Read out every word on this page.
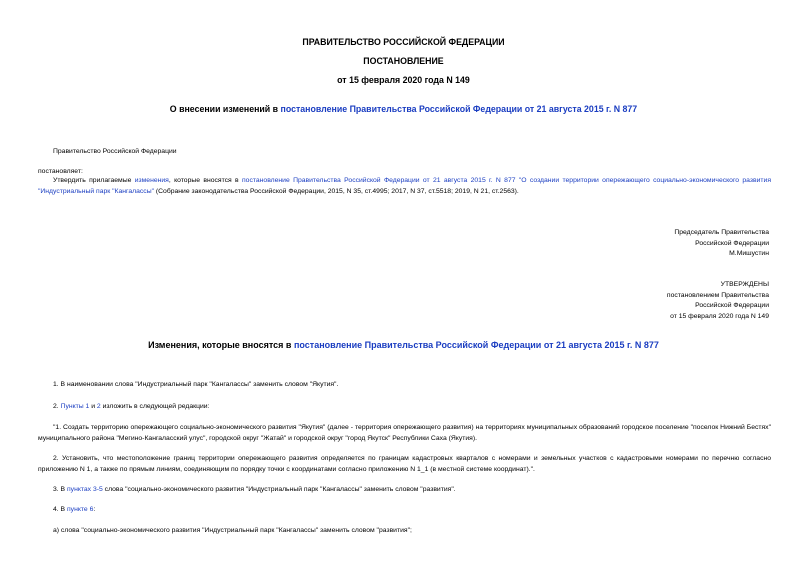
ПРАВИТЕЛЬСТВО РОССИЙСКОЙ ФЕДЕРАЦИИ
ПОСТАНОВЛЕНИЕ
от 15 февраля 2020 года N 149
О внесении изменений в постановление Правительства Российской Федерации от 21 августа 2015 г. N 877
Правительство Российской Федерации
постановляет:
Утвердить прилагаемые изменения, которые вносятся в постановление Правительства Российской Федерации от 21 августа 2015 г. N 877 "О создании территории опережающего социально-экономического развития "Индустриальный парк "Кангаласcы" (Собрание законодательства Российской Федерации, 2015, N 35, ст.4995; 2017, N 37, ст.5518; 2019, N 21, ст.2563).
Председатель Правительства
Российской Федерации
М.Мишустин
УТВЕРЖДЕНЫ
постановлением Правительства
Российской Федерации
от 15 февраля 2020 года N 149
Изменения, которые вносятся в постановление Правительства Российской Федерации от 21 августа 2015 г. N 877
1. В наименовании слова "Индустриальный парк "Кангаласcы" заменить словом "Якутия".
2. Пункты 1 и 2 изложить в следующей редакции:
"1. Создать территорию опережающего социально-экономического развития "Якутия" (далее - территория опережающего развития) на территориях муниципальных образований городское поселение "поселок Нижний Бестях" муниципального района "Мегино-Кангаласский улус", городской округ "Жатай" и городской округ "город Якутск" Республики Саха (Якутия).
2. Установить, что местоположение границ территории опережающего развития определяется по границам кадастровых кварталов с номерами и земельных участков с кадастровыми номерами по перечню согласно приложению N 1, а также по прямым линиям, соединяющим по порядку точки с координатами согласно приложению N 1_1 (в местной системе координат).".
3. В пунктах 3-5 слова "социально-экономического развития "Индустриальный парк "Кангаласcы" заменить словом "развития".
4. В пункте 6:
а) слова "социально-экономического развития "Индустриальный парк "Кангаласcы" заменить словом "развития";
